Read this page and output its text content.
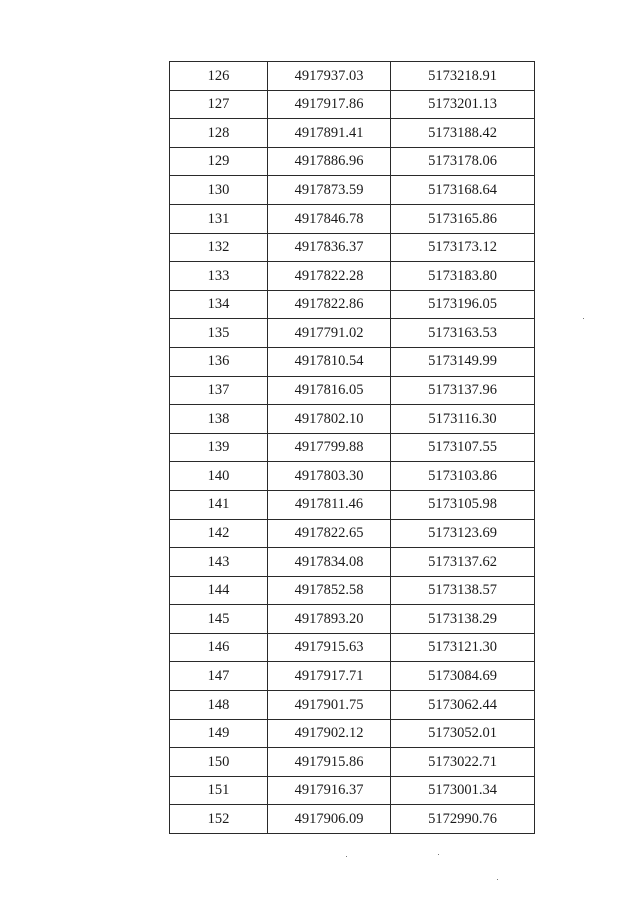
126	4917937.03	5173218.91
127	4917917.86	5173201.13
128	4917891.41	5173188.42
129	4917886.96	5173178.06
130	4917873.59	5173168.64
131	4917846.78	5173165.86
132	4917836.37	5173173.12
133	4917822.28	5173183.80
134	4917822.86	5173196.05
135	4917791.02	5173163.53
136	4917810.54	5173149.99
137	4917816.05	5173137.96
138	4917802.10	5173116.30
139	4917799.88	5173107.55
140	4917803.30	5173103.86
141	4917811.46	5173105.98
142	4917822.65	5173123.69
143	4917834.08	5173137.62
144	4917852.58	5173138.57
145	4917893.20	5173138.29
146	4917915.63	5173121.30
147	4917917.71	5173084.69
148	4917901.75	5173062.44
149	4917902.12	5173052.01
150	4917915.86	5173022.71
151	4917916.37	5173001.34
152	4917906.09	5172990.76
